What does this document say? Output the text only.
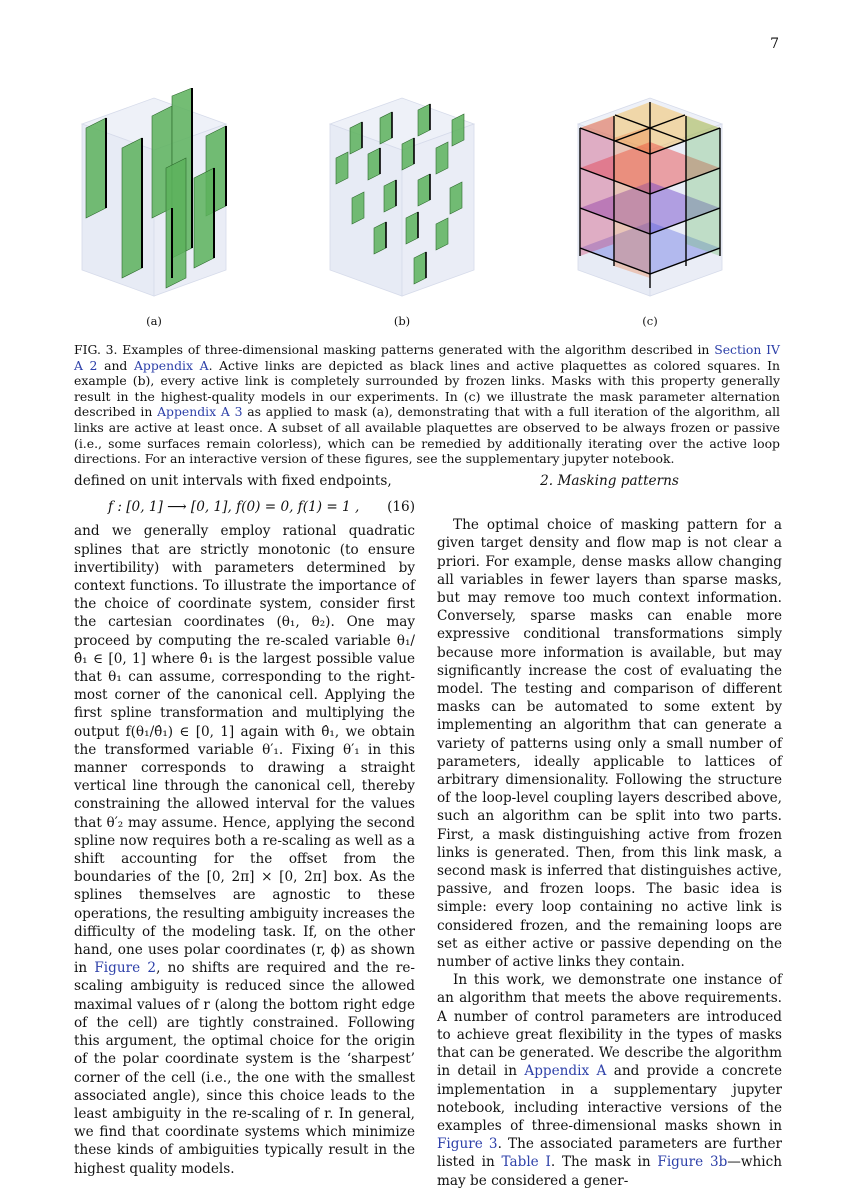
7
(a)	(b)	(c)
FIG. 3. Examples of three-dimensional masking patterns generated with the algorithm described in Section IV A 2 and Appendix A. Active links are depicted as black lines and active plaquettes as colored squares. In example (b), every active link is completely surrounded by frozen links. Masks with this property generally result in the highest-quality models in our experiments. In (c) we illustrate the mask parameter alternation described in Appendix A 3 as applied to mask (a), demonstrating that with a full iteration of the algorithm, all links are active at least once. A subset of all available plaquettes are observed to be always frozen or passive (i.e., some surfaces remain colorless), which can be remedied by additionally iterating over the active loop directions. For an interactive version of these figures, see the supplementary jupyter notebook.

defined on unit intervals with fixed endpoints,

f : [0, 1] ⟶ [0, 1], f(0) = 0, f(1) = 1 , (16)

and we generally employ rational quadratic splines that are strictly monotonic (to ensure invertibility) with parameters determined by context functions. To illustrate the importance of the choice of coordinate system, consider first the cartesian coordinates (θ₁, θ₂). One may proceed by computing the re-scaled variable θ₁/θ̂₁ ∈ [0, 1] where θ̂₁ is the largest possible value that θ₁ can assume, corresponding to the right-most corner of the canonical cell. Applying the first spline transformation and multiplying the output f(θ₁/θ̂₁) ∈ [0, 1] again with θ̂₁, we obtain the transformed variable θ′₁. Fixing θ′₁ in this manner corresponds to drawing a straight vertical line through the canonical cell, thereby constraining the allowed interval for the values that θ′₂ may assume. Hence, applying the second spline now requires both a re-scaling as well as a shift accounting for the offset from the boundaries of the [0, 2π] × [0, 2π] box. As the splines themselves are agnostic to these operations, the resulting ambiguity increases the difficulty of the modeling task. If, on the other hand, one uses polar coordinates (r, ϕ) as shown in Figure 2, no shifts are required and the re-scaling ambiguity is reduced since the allowed maximal values of r (along the bottom right edge of the cell) are tightly constrained. Following this argument, the optimal choice for the origin of the polar coordinate system is the ‘sharpest’ corner of the cell (i.e., the one with the smallest associated angle), since this choice leads to the least ambiguity in the re-scaling of r. In general, we find that coordinate systems which minimize these kinds of ambiguities typically result in the highest quality models.

2. Masking patterns

The optimal choice of masking pattern for a given target density and flow map is not clear a priori. For example, dense masks allow changing all variables in fewer layers than sparse masks, but may remove too much context information. Conversely, sparse masks can enable more expressive conditional transformations simply because more information is available, but may significantly increase the cost of evaluating the model. The testing and comparison of different masks can be automated to some extent by implementing an algorithm that can generate a variety of patterns using only a small number of parameters, ideally applicable to lattices of arbitrary dimensionality. Following the structure of the loop-level coupling layers described above, such an algorithm can be split into two parts. First, a mask distinguishing active from frozen links is generated. Then, from this link mask, a second mask is inferred that distinguishes active, passive, and frozen loops. The basic idea is simple: every loop containing no active link is considered frozen, and the remaining loops are set as either active or passive depending on the number of active links they contain.

In this work, we demonstrate one instance of an algorithm that meets the above requirements. A number of control parameters are introduced to achieve great flexibility in the types of masks that can be generated. We describe the algorithm in detail in Appendix A and provide a concrete implementation in a supplementary jupyter notebook, including interactive versions of the examples of three-dimensional masks shown in Figure 3. The associated parameters are further listed in Table I. The mask in Figure 3b—which may be considered a gener-
